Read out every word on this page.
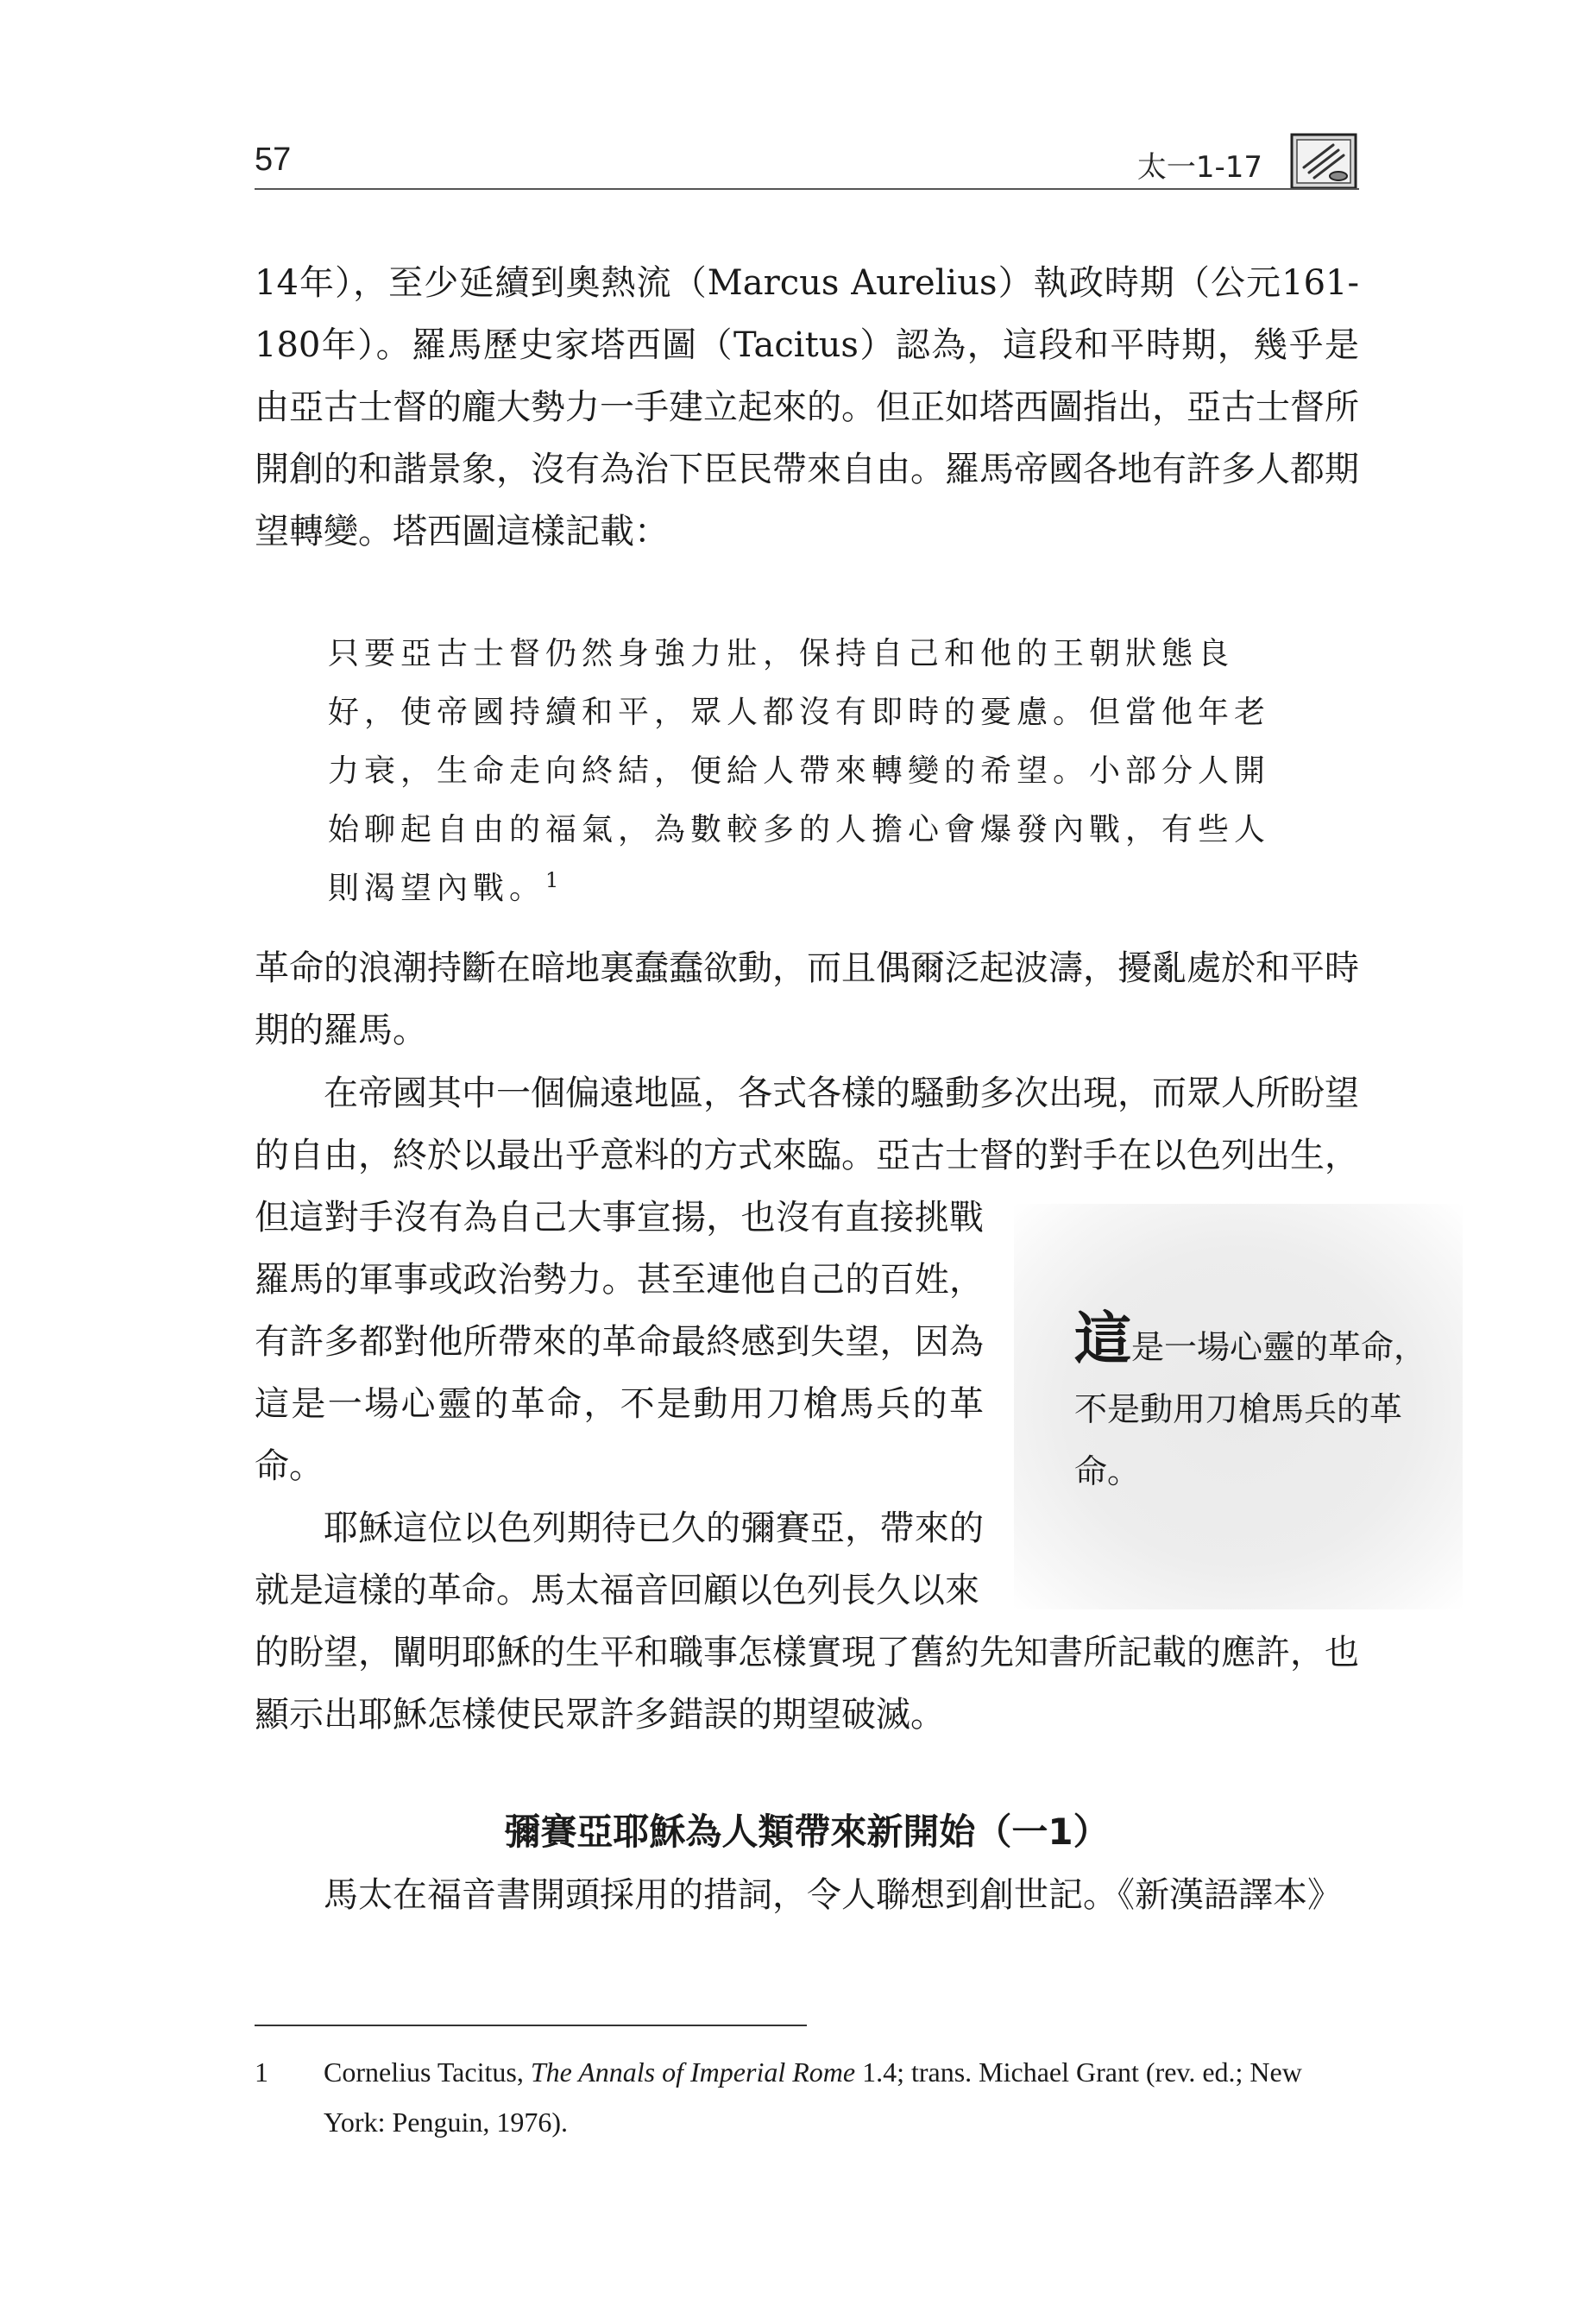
57	太一1-17

14年），至少延續到奧熱流（Marcus Aurelius）執政時期（公元161-180年）。羅馬歷史家塔西圖（Tacitus）認為，這段和平時期，幾乎是由亞古士督的龐大勢力一手建立起來的。但正如塔西圖指出，亞古士督所開創的和諧景象，沒有為治下臣民帶來自由。羅馬帝國各地有許多人都期望轉變。塔西圖這樣記載：

只要亞古士督仍然身強力壯，保持自己和他的王朝狀態良好，使帝國持續和平，眾人都沒有即時的憂慮。但當他年老力衰，生命走向終結，便給人帶來轉變的希望。小部分人開始聊起自由的福氣，為數較多的人擔心會爆發內戰，有些人則渴望內戰。$^1$

革命的浪潮持斷在暗地裏蠢蠢欲動，而且偶爾泛起波濤，擾亂處於和平時期的羅馬。

在帝國其中一個偏遠地區，各式各樣的騷動多次出現，而眾人所盼望的自由，終於以最出乎意料的方式來臨。亞古士督的對手在以色列出生，

但這對手沒有為自己大事宣揚，也沒有直接挑戰羅馬的軍事或政治勢力。甚至連他自己的百姓，有許多都對他所帶來的革命最終感到失望，因為這是一場心靈的革命，不是動用刀槍馬兵的革命。

耶穌這位以色列期待已久的彌賽亞，帶來的就是這樣的革命。馬太福音回顧以色列長久以來

的盼望，闡明耶穌的生平和職事怎樣實現了舊約先知書所記載的應許，也顯示出耶穌怎樣使民眾許多錯誤的期望破滅。

這是一場心靈的革命，不是動用刀槍馬兵的革命。

彌賽亞耶穌為人類帶來新開始（一1）

馬太在福音書開頭採用的措詞，令人聯想到創世記。《新漢語譯本》

1 Cornelius Tacitus, The Annals of Imperial Rome 1.4; trans. Michael Grant (rev. ed.; New York: Penguin, 1976).
